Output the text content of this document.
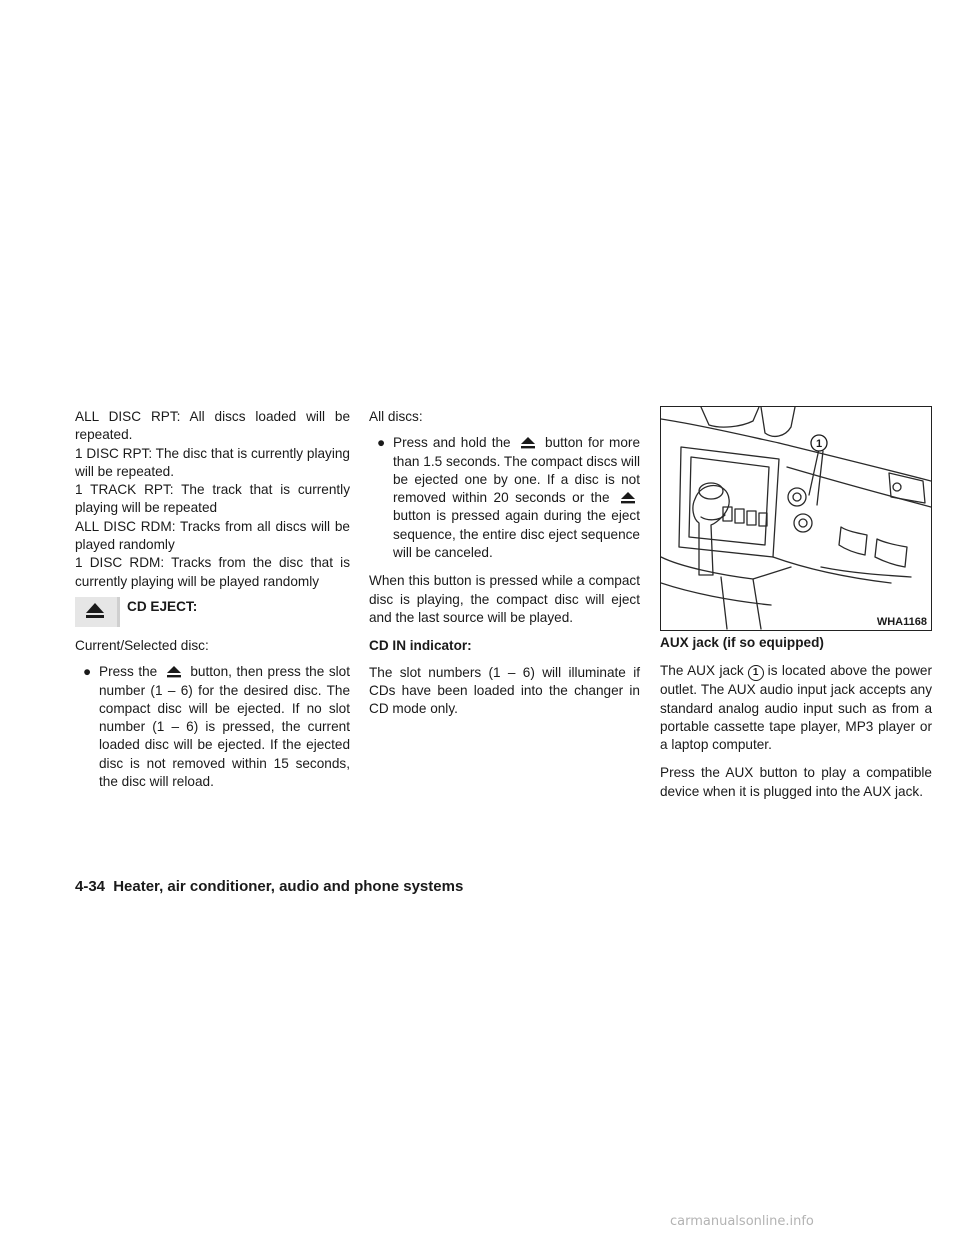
ALL DISC RPT: All discs loaded will be repeated.

1 DISC RPT: The disc that is currently playing will be repeated.

1 TRACK RPT: The track that is currently playing will be repeated

ALL DISC RDM: Tracks from all discs will be played randomly

1 DISC RDM: Tracks from the disc that is currently playing will be played randomly

CD EJECT:

Current/Selected disc:

● Press the button, then press the slot number (1 – 6) for the desired disc. The compact disc will be ejected. If no slot number (1 – 6) is pressed, the current loaded disc will be ejected. If the ejected disc is not removed within 15 seconds, the disc will reload.

All discs:

● Press and hold the	button for more than 1.5 seconds. The compact discs will be ejected one by one. If a disc is not removed within 20 seconds or the
button is pressed again during the eject sequence, the entire disc eject sequence will be canceled.

When this button is pressed while a compact disc is playing, the compact disc will eject and the last source will be played.

CD IN indicator:

The slot numbers (1 – 6) will illuminate if CDs have been loaded into the changer in CD mode only.

1
WHA1168

AUX jack (if so equipped)

The AUX jack 1 is located above the power outlet. The AUX audio input jack accepts any standard analog audio input such as from a portable cassette tape player, MP3 player or a laptop computer.

Press the AUX button to play a compatible device when it is plugged into the AUX jack.

4-34 Heater, air conditioner, audio and phone systems
carmanualsonline.info
